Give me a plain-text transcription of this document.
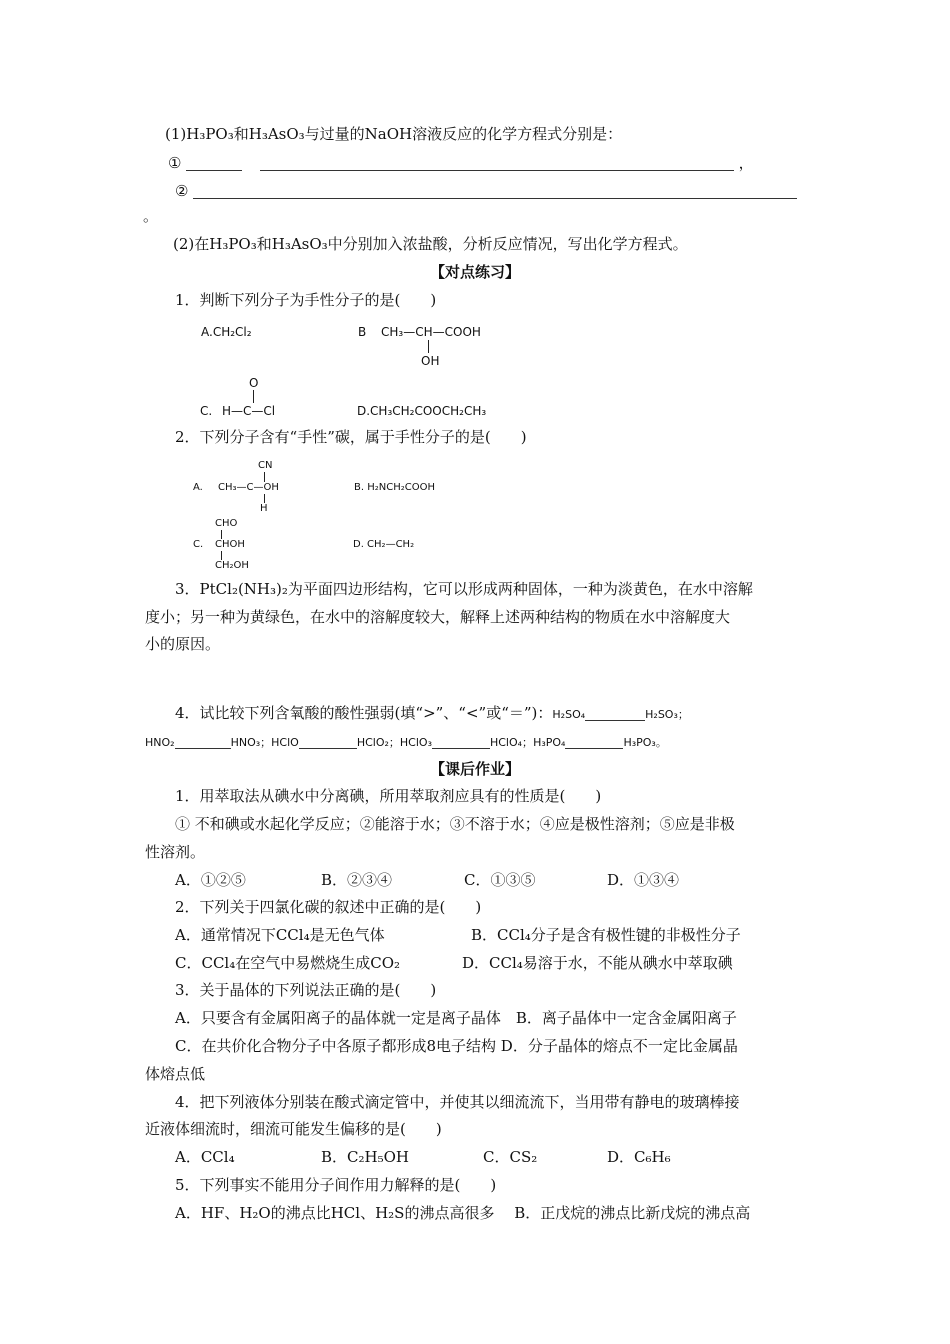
(1)H₃PO₃和H₃AsO₃与过量的NaOH溶液反应的化学方程式分别是：
①	，
②
。
(2)在H₃PO₃和H₃AsO₃中分别加入浓盐酸，分析反应情况，写出化学方程式。
【对点练习】
1．判断下列分子为手性分子的是(　　)
A.CH₂Cl₂	B CH₃—CH—COOH
OH
O
C. H—C—Cl	D.CH₃CH₂COOCH₂CH₃
2．下列分子含有“手性”碳，属于手性分子的是(　　)
CN
A. CH₃—C—OH
H
B. H₂NCH₂COOH
CHO
C. CHOH
CH₂OH
D. CH₂—CH₂
3．PtCl₂(NH₃)₂为平面四边形结构，它可以形成两种固体，一种为淡黄色，在水中溶解
度小；另一种为黄绿色，在水中的溶解度较大，解释上述两种结构的物质在水中溶解度大
小的原因。
4．试比较下列含氧酸的酸性强弱(填“>”、“<”或“＝”)：H₂SO₄	H₂SO₃；
HNO₂	HNO₃；HClO	HClO₂；HClO₃	HClO₄；H₃PO₄	H₃PO₃。
【课后作业】
1．用萃取法从碘水中分离碘，所用萃取剂应具有的性质是(　　)
① 不和碘或水起化学反应；②能溶于水；③不溶于水；④应是极性溶剂；⑤应是非极
性溶剂。
A．①②⑤	B．②③④	C．①③⑤	D．①③④
2．下列关于四氯化碳的叙述中正确的是(　　)
A．通常情况下CCl₄是无色气体	B．CCl₄分子是含有极性键的非极性分子
C．CCl₄在空气中易燃烧生成CO₂	D．CCl₄易溶于水，不能从碘水中萃取碘
3．关于晶体的下列说法正确的是(　　)
A．只要含有金属阳离子的晶体就一定是离子晶体　B．离子晶体中一定含金属阳离子
C．在共价化合物分子中各原子都形成8电子结构 D．分子晶体的熔点不一定比金属晶
体熔点低
4．把下列液体分别装在酸式滴定管中，并使其以细流流下，当用带有静电的玻璃棒接
近液体细流时，细流可能发生偏移的是(　　)
A．CCl₄	B．C₂H₅OH	C．CS₂	D．C₆H₆
5．下列事实不能用分子间作用力解释的是(　　)
A．HF、H₂O的沸点比HCl、H₂S的沸点高很多　 B．正戊烷的沸点比新戊烷的沸点高
